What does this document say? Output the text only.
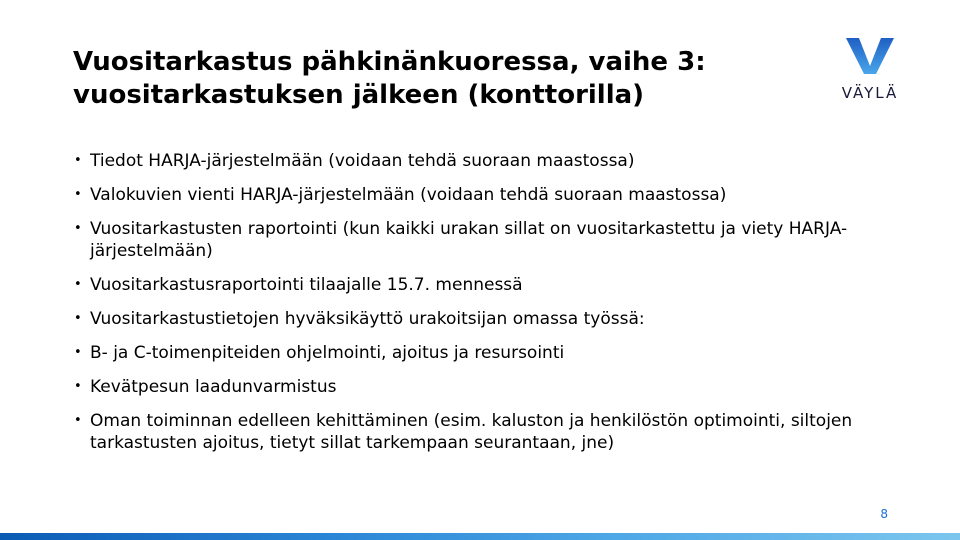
Vuositarkastus pähkinänkuoressa, vaihe 3:
vuositarkastuksen jälkeen (konttorilla)	VÄYLÄ
• Tiedot HARJA-järjestelmään (voidaan tehdä suoraan maastossa)
• Valokuvien vienti HARJA-järjestelmään (voidaan tehdä suoraan maastossa)
• Vuositarkastusten raportointi (kun kaikki urakan sillat on vuositarkastettu ja viety HARJA-järjestelmään)
• Vuositarkastusraportointi tilaajalle 15.7. mennessä
• Vuositarkastustietojen hyväksikäyttö urakoitsijan omassa työssä:
• B- ja C-toimenpiteiden ohjelmointi, ajoitus ja resursointi
• Kevätpesun laadunvarmistus
• Oman toiminnan edelleen kehittäminen (esim. kaluston ja henkilöstön optimointi, siltojen tarkastusten ajoitus, tietyt sillat tarkempaan seurantaan, jne)
8
